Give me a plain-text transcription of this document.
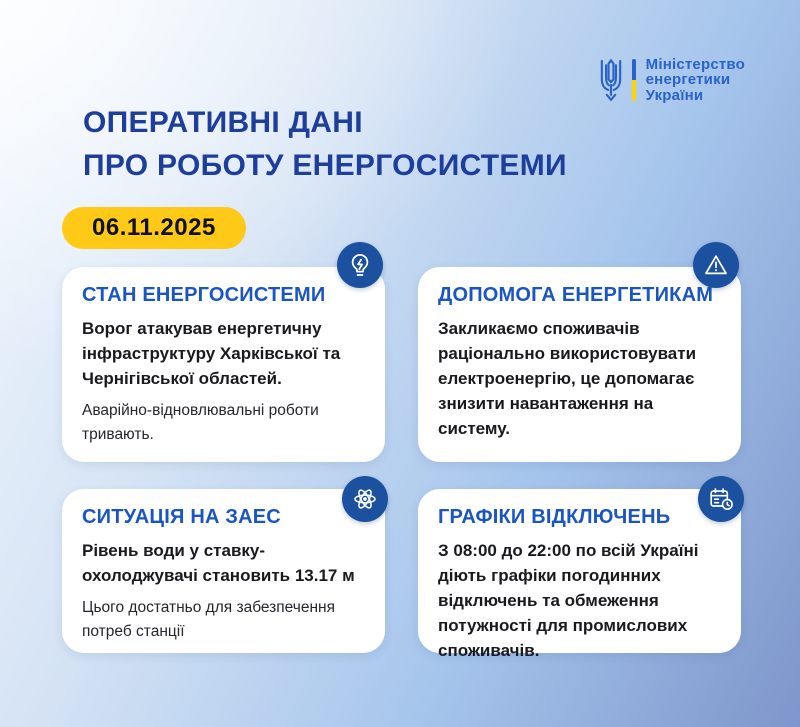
Міністерство
енергетики
України
ОПЕРАТИВНІ ДАНІ
ПРО РОБОТУ ЕНЕРГОСИСТЕМИ
06.11.2025
СТАН ЕНЕРГОСИСТЕМИ

Ворог атакував енергетичну інфраструктуру Харківської та Чернігівської областей.

Аварійно-відновлювальні роботи тривають.

ДОПОМОГА ЕНЕРГЕТИКАМ

Закликаємо споживачів раціонально використовувати електроенергію, це допомагає знизити навантаження на систему.

СИТУАЦІЯ НА ЗАЕС

Рівень води у ставку-охолоджувачі становить 13.17 м

Цього достатньо для забезпечення потреб станції

ГРАФІКИ ВІДКЛЮЧЕНЬ

З 08:00 до 22:00 по всій Україні діють графіки погодинних відключень та обмеження потужності для промислових споживачів.
